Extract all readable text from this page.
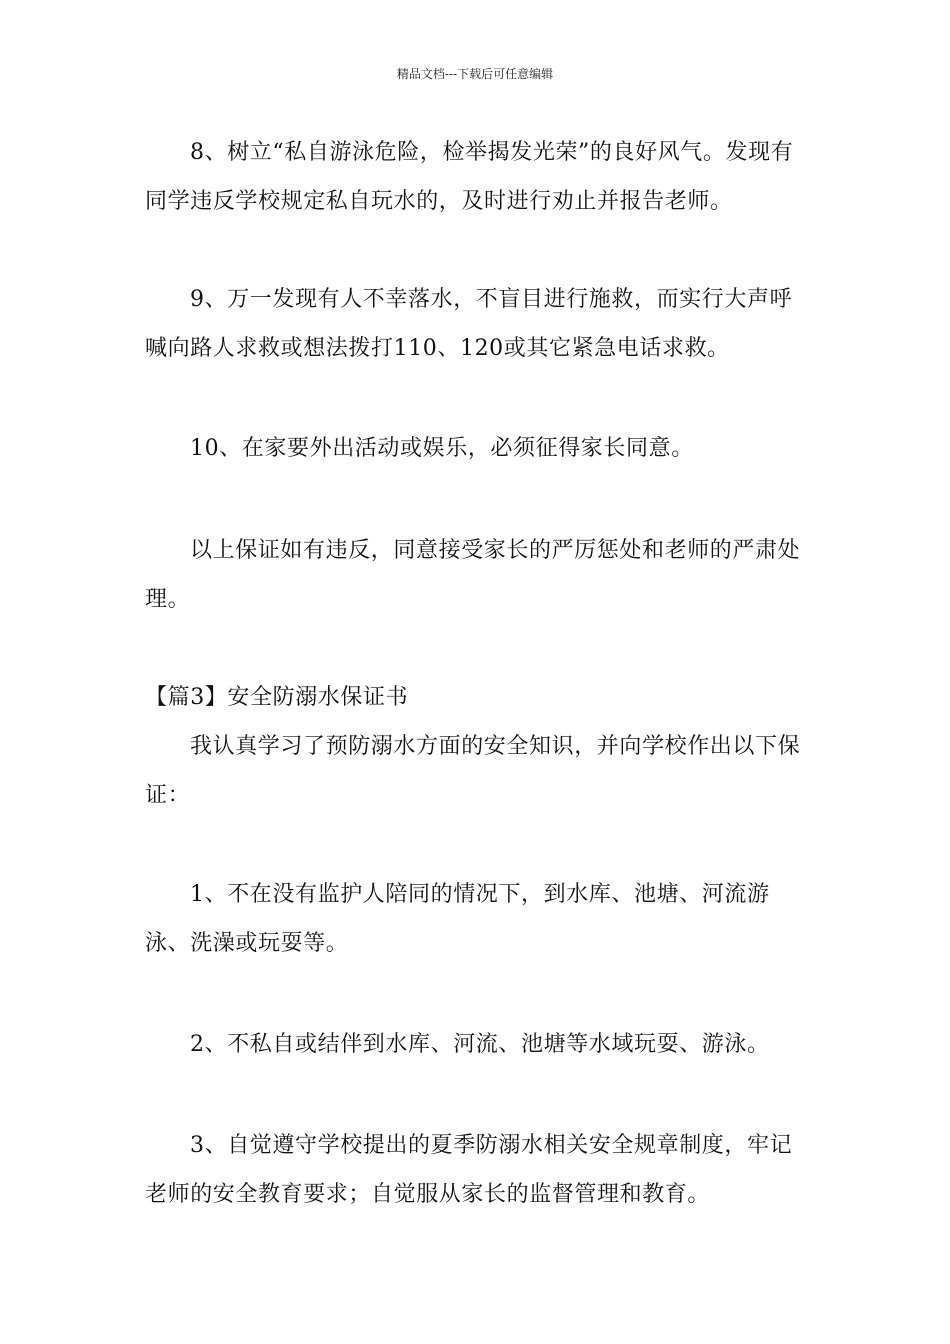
精品文档---下载后可任意编辑

8、树立“私自游泳危险，检举揭发光荣”的良好风气。发现有同学违反学校规定私自玩水的，及时进行劝止并报告老师。

9、万一发现有人不幸落水，不盲目进行施救，而实行大声呼喊向路人求救或想法拨打110、120或其它紧急电话求救。

10、在家要外出活动或娱乐，必须征得家长同意。

以上保证如有违反，同意接受家长的严厉惩处和老师的严肃处理。

【篇3】安全防溺水保证书

我认真学习了预防溺水方面的安全知识，并向学校作出以下保证：

1、不在没有监护人陪同的情况下，到水库、池塘、河流游泳、洗澡或玩耍等。

2、不私自或结伴到水库、河流、池塘等水域玩耍、游泳。

3、自觉遵守学校提出的夏季防溺水相关安全规章制度，牢记老师的安全教育要求；自觉服从家长的监督管理和教育。
